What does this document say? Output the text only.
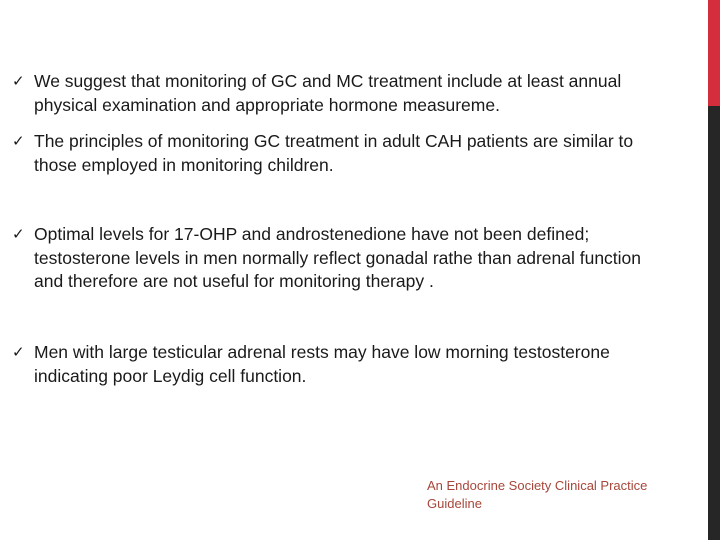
✓ We suggest that monitoring of GC and MC treatment include at least annual physical examination and appropriate hormone measureme.
✓ The principles of monitoring GC treatment in adult CAH patients are similar to those employed in monitoring children.
✓ Optimal levels for 17-OHP and androstenedione have not been defined; testosterone levels in men normally reflect gonadal rathe than adrenal function and therefore are not useful for monitoring therapy .
✓ Men with large testicular adrenal rests may have low morning testosterone indicating poor Leydig cell function.
An Endocrine Society Clinical Practice Guideline
